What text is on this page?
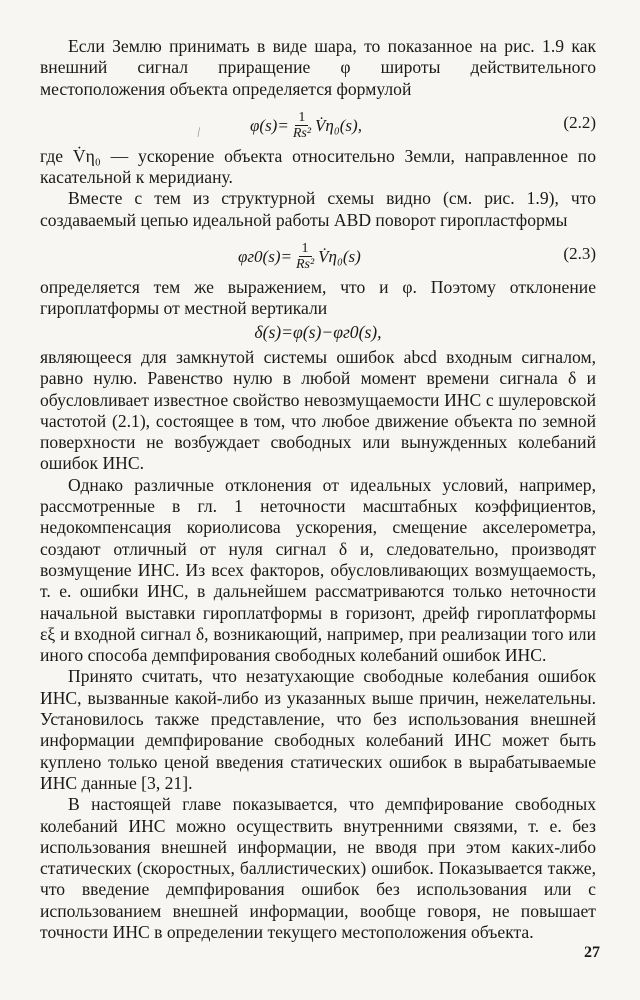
Если Землю принимать в виде шара, то показанное на рис. 1.9 как внешний сигнал приращение φ широты действительного местоположения объекта определяется формулой

⁄	$\varphi(s)= \frac{1}{\text{Rs²}}$ V̇η₀(s),	(2.2)

где V̇η₀ — ускорение объекта относительно Земли, направленное по касательной к меридиану.

Вместе с тем из структурной схемы видно (см. рис. 1.9), что создаваемый цепью идеальной работы ABD поворот гиропластформы

$\varphi г0(s)= \frac{1}{\text{Rs²}}$ V̇η₀(s)	(2.3)

определяется тем же выражением, что и φ. Поэтому отклонение гироплатформы от местной вертикали

δ(s)=φ(s)−φг0(s),

являющееся для замкнутой системы ошибок abcd входным сигналом, равно нулю. Равенство нулю в любой момент времени сигнала δ и обусловливает известное свойство невозмущаемости ИНС с шулеровской частотой (2.1), состоящее в том, что любое движение объекта по земной поверхности не возбуждает свободных или вынужденных колебаний ошибок ИНС.

Однако различные отклонения от идеальных условий, например, рассмотренные в гл. 1 неточности масштабных коэффициентов, недокомпенсация кориолисова ускорения, смещение акселерометра, создают отличный от нуля сигнал δ и, следовательно, производят возмущение ИНС. Из всех факторов, обусловливающих возмущаемость, т. е. ошибки ИНС, в дальнейшем рассматриваются только неточности начальной выставки гироплатформы в горизонт, дрейф гироплатформы εξ и входной сигнал δ, возникающий, например, при реализации того или иного способа демпфирования свободных колебаний ошибок ИНС.

Принято считать, что незатухающие свободные колебания ошибок ИНС, вызванные какой-либо из указанных выше причин, нежелательны. Установилось также представление, что без использования внешней информации демпфирование свободных колебаний ИНС может быть куплено только ценой введения статических ошибок в вырабатываемые ИНС данные [3, 21].

В настоящей главе показывается, что демпфирование свободных колебаний ИНС можно осуществить внутренними связями, т. е. без использования внешней информации, не вводя при этом каких-либо статических (скоростных, баллистических) ошибок. Показывается также, что введение демпфирования ошибок без использования или с использованием внешней информации, вообще говоря, не повышает точности ИНС в определении текущего местоположения объекта.

27
